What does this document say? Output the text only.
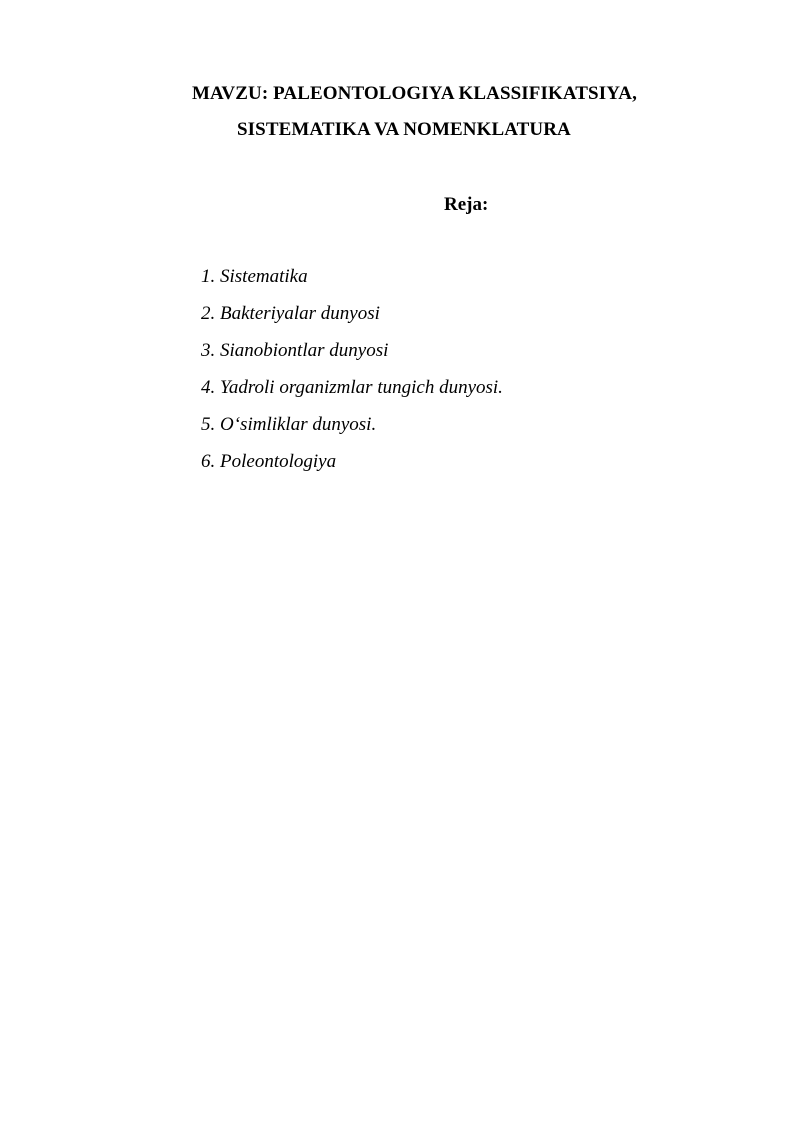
MAVZU: PALEONTOLOGIYA KLASSIFIKATSIYA,
SISTEMATIKA VA NOMENKLATURA
Reja:
1. Sistematika
2. Bakteriyalar dunyosi
3. Sianobiontlar dunyosi
4. Yadroli organizmlar tungich dunyosi.
5. O‘simliklar dunyosi.
6. Poleontologiya
